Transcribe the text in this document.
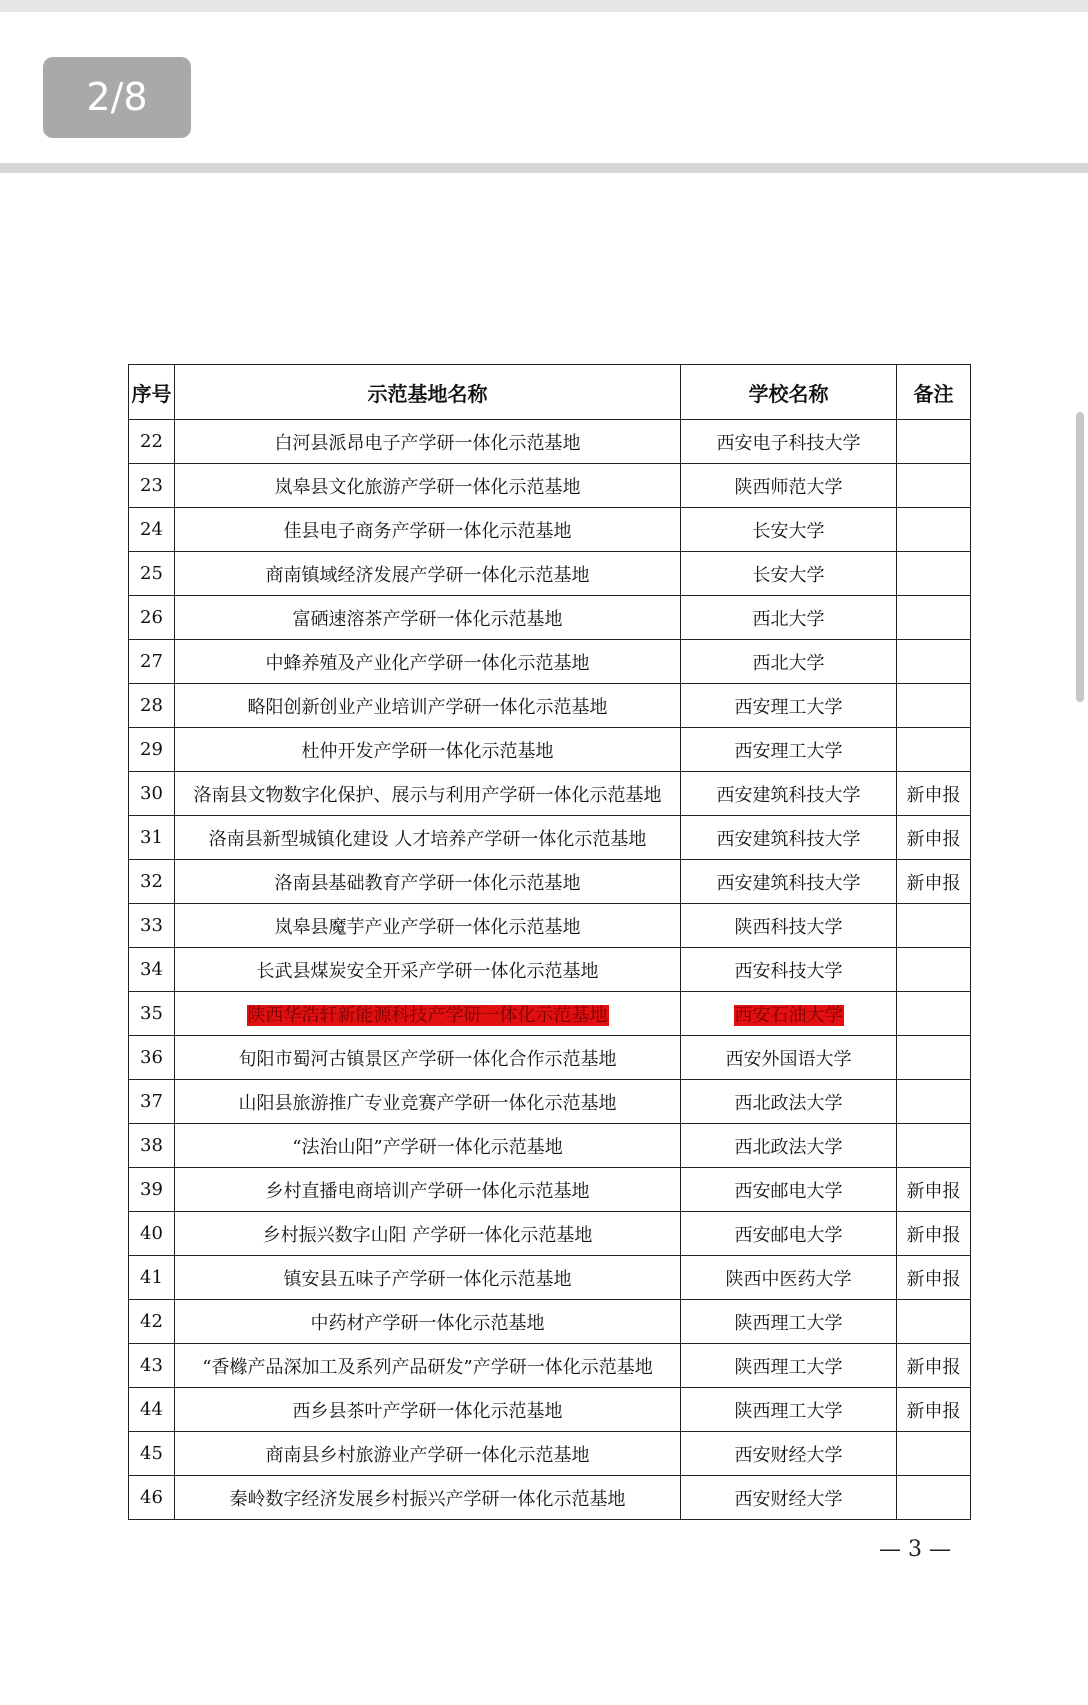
2/8
序号	示范基地名称	学校名称	备注
22	白河县派昂电子产学研一体化示范基地	西安电子科技大学	
23	岚皋县文化旅游产学研一体化示范基地	陕西师范大学	
24	佳县电子商务产学研一体化示范基地	长安大学	
25	商南镇域经济发展产学研一体化示范基地	长安大学	
26	富硒速溶茶产学研一体化示范基地	西北大学	
27	中蜂养殖及产业化产学研一体化示范基地	西北大学	
28	略阳创新创业产业培训产学研一体化示范基地	西安理工大学	
29	杜仲开发产学研一体化示范基地	西安理工大学	
30	洛南县文物数字化保护、展示与利用产学研一体化示范基地	西安建筑科技大学	新申报
31	洛南县新型城镇化建设 人才培养产学研一体化示范基地	西安建筑科技大学	新申报
32	洛南县基础教育产学研一体化示范基地	西安建筑科技大学	新申报
33	岚皋县魔芋产业产学研一体化示范基地	陕西科技大学	
34	长武县煤炭安全开采产学研一体化示范基地	西安科技大学	
35	陕西华浩轩新能源科技产学研一体化示范基地	西安石油大学	
36	旬阳市蜀河古镇景区产学研一体化合作示范基地	西安外国语大学	
37	山阳县旅游推广专业竞赛产学研一体化示范基地	西北政法大学	
38	“法治山阳”产学研一体化示范基地	西北政法大学	
39	乡村直播电商培训产学研一体化示范基地	西安邮电大学	新申报
40	乡村振兴数字山阳 产学研一体化示范基地	西安邮电大学	新申报
41	镇安县五味子产学研一体化示范基地	陕西中医药大学	新申报
42	中药材产学研一体化示范基地	陕西理工大学	
43	“香橼产品深加工及系列产品研发”产学研一体化示范基地	陕西理工大学	新申报
44	西乡县茶叶产学研一体化示范基地	陕西理工大学	新申报
45	商南县乡村旅游业产学研一体化示范基地	西安财经大学	
46	秦岭数字经济发展乡村振兴产学研一体化示范基地	西安财经大学	
— 3 —
